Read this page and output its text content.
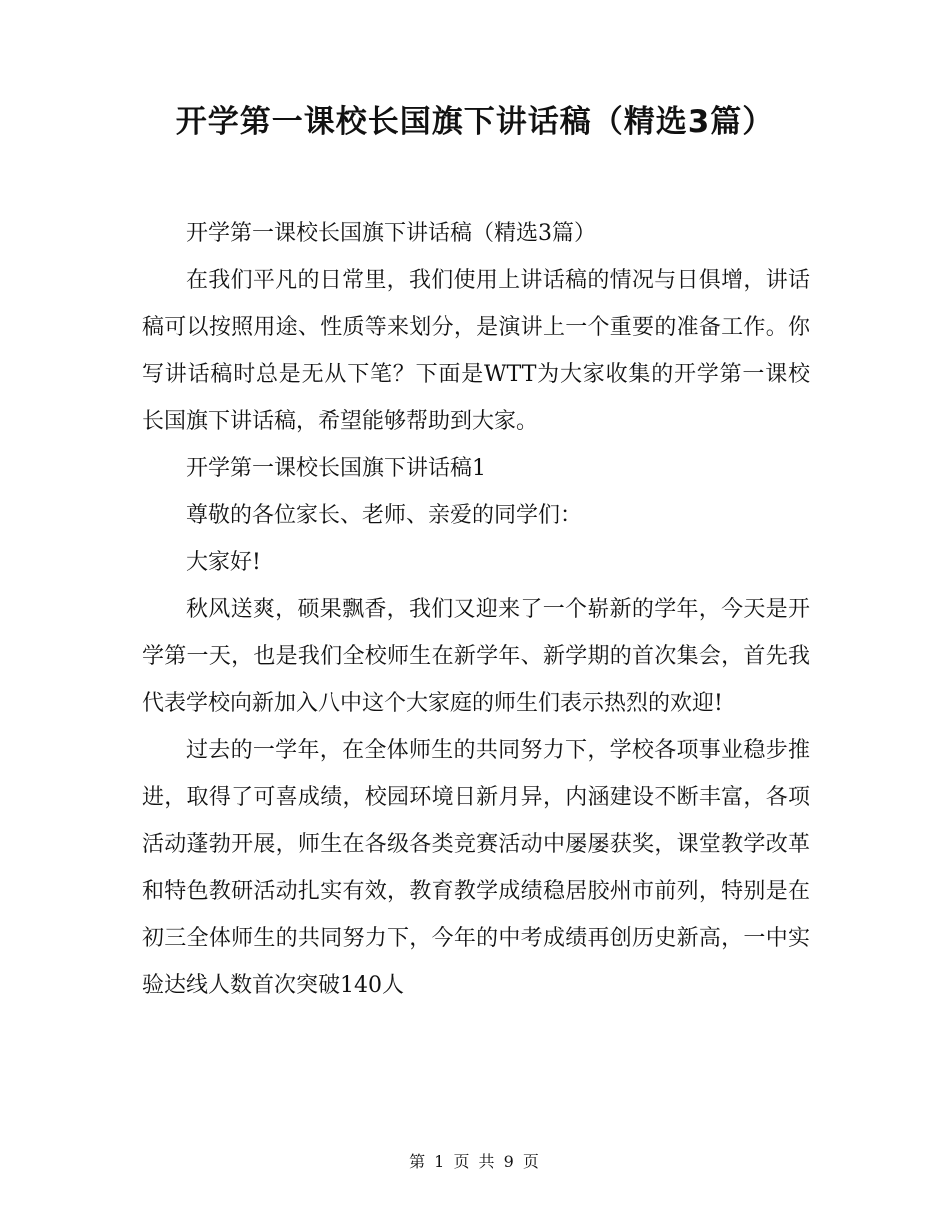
开学第一课校长国旗下讲话稿（精选3篇）

开学第一课校长国旗下讲话稿（精选3篇）

在我们平凡的日常里，我们使用上讲话稿的情况与日俱增，讲话稿可以按照用途、性质等来划分，是演讲上一个重要的准备工作。你写讲话稿时总是无从下笔？下面是WTT为大家收集的开学第一课校长国旗下讲话稿，希望能够帮助到大家。

开学第一课校长国旗下讲话稿1

尊敬的各位家长、老师、亲爱的同学们：

大家好!

秋风送爽，硕果飘香，我们又迎来了一个崭新的学年，今天是开学第一天，也是我们全校师生在新学年、新学期的首次集会，首先我代表学校向新加入八中这个大家庭的师生们表示热烈的欢迎!

过去的一学年，在全体师生的共同努力下，学校各项事业稳步推进，取得了可喜成绩，校园环境日新月异，内涵建设不断丰富，各项活动蓬勃开展，师生在各级各类竞赛活动中屡屡获奖，课堂教学改革和特色教研活动扎实有效，教育教学成绩稳居胶州市前列，特别是在初三全体师生的共同努力下，今年的中考成绩再创历史新高，一中实验达线人数首次突破140人

第 1 页 共 9 页
